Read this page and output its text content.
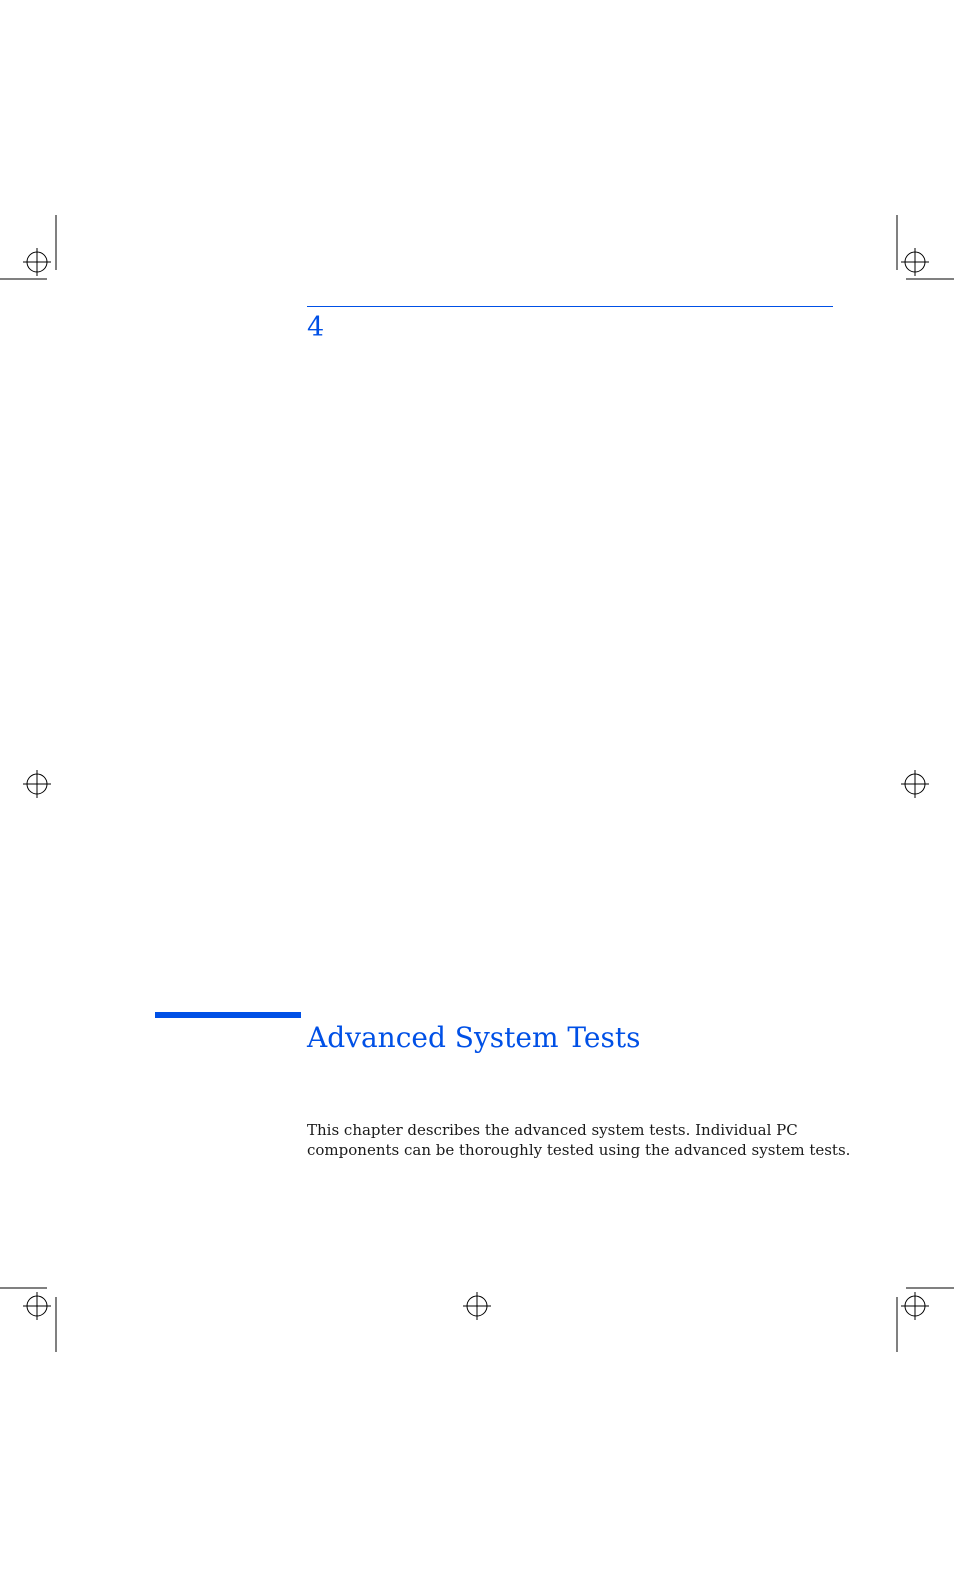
4
Advanced System Tests

This chapter describes the advanced system tests. Individual PC
components can be thoroughly tested using the advanced system tests.
